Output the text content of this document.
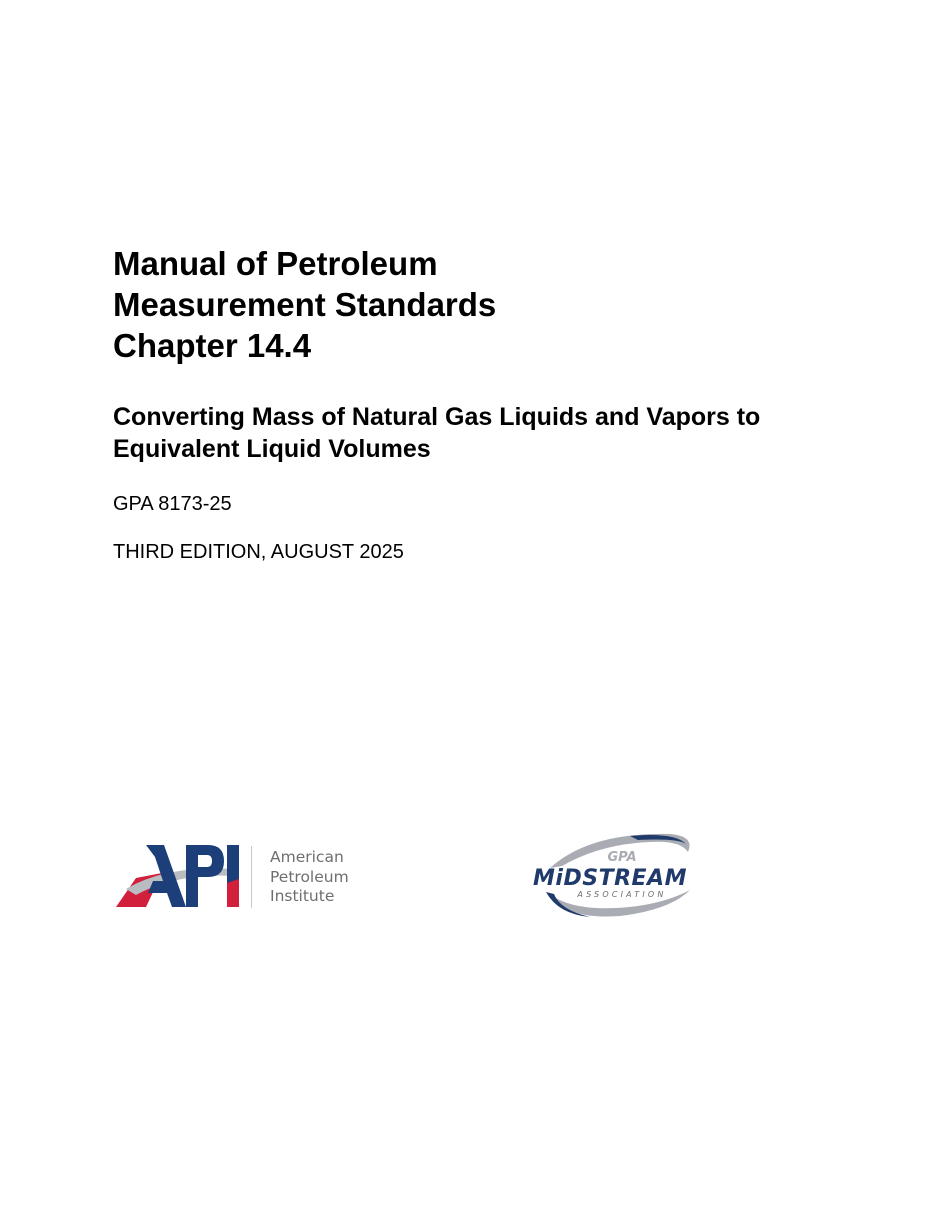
Manual of Petroleum

Measurement Standards

Chapter 14.4

Converting Mass of Natural Gas Liquids and Vapors to

Equivalent Liquid Volumes

GPA 8173-25
THIRD EDITION, AUGUST 2025
American
Petroleum
Institute
GPA
MiDSTREAM
ASSOCIATION
